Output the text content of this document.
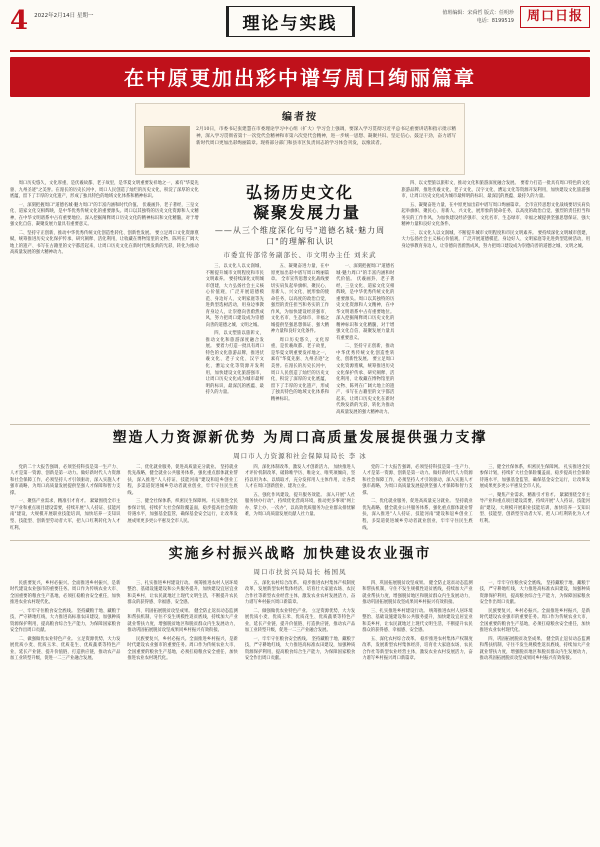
4 2022年2月14日 星期一	理论与实践
值班编辑：宋舜哲 版式：任明珍
电话：8199519	周口日报
在中原更加出彩中谱写周口绚丽篇章
编者按
2月10日，市委书记张建慧在市委理论学习中心组（扩大）学习会上强调，要深入学习贯彻习近平总书记重要讲话和指示批示精神，深入学习贯彻省第十一次党代会精神和市第六次党代会精神，进一步统一思想、凝聚共识、坚定信心、鼓足干劲，奋力谱写新时代周口更加出彩绚丽篇章。现将部分部门和县市区负责同志的学习体会刊发，以飨读者。

周口历史悠久，文化厚重，是伏羲故都、老子故里，是华夏文明重要发祥地之一，素有"华夏先驱、九州圣迹"之美誉。在漫长的历史长河中，周口人民创造了灿烂的历史文化，积淀了深厚的文化底蕴，留下了丰厚的文化遗产，形成了独具特色的地域文化体系和精神标识。

一、深刻把握周口"道德名城·魅力周口"的丰富内涵和时代价值。 伏羲画卦、老子著经，三皇文化、道家文化交相辉映，是中华优秀传统文化的重要源头。周口以其独特的历史文化资源和人文精神，在中华文明谱系中占有重要地位。深入挖掘阐释周口历史文化的精神标识和文化精髓，对于增强文化自信、凝聚发展力量具有重要意义。

二、坚持守正创新，推动中华优秀传统文化创造性转化、创新性发展。 要立足周口文化资源禀赋，统筹推进历史文化保护传承、研究阐释、活化利用，让收藏在博物馆里的文物、陈列在广阔大地上的遗产、书写在古籍里的文字都活起来，让周口历史文化在新时代焕发新的光彩，转化为推动高质量发展的强大精神动力。

弘扬历史文化
凝聚发展力量
——从三个维度深化句号"道德名城·魅力周口"的理解和认识
市委宣传部常务副部长、市文明办主任 刘来武

三、以文化人以文润城，不断提升城市文明程度和市民文明素养。 要持续深化文明城市创建，大力弘扬社会主义核心价值观，广泛开展道德模范、身边好人、文明家庭等先进典型选树活动，用身边事教育身边人，让崇德向善蔚然成风，努力把周口建设成为崇德向善的道德之城、文明之城。

四、以文塑旅以旅彰文，推动文化和旅游深度融合发展。 要着力打造一批具有周口特色的文化旅游品牌，推进伏羲文化、老子文化、汉字文化、漕运文化等资源开发利用，加快建设文化旅游强市，让周口历史文化成为城市最鲜明的标识、最深沉的底蕴、最持久的力量。

五、凝聚奋进力量，在中原更加出彩中谱写周口绚丽篇章。 全市宣传思想文化战线要切实肩负起举旗帜、聚民心、育新人、兴文化、展形象的使命任务，以高度的政治自觉、强烈的责任担当和务实的工作作风，为加快建设经济强市、文化名市、生态绿市、幸福之城提供坚强思想保证、强大精神力量和良好文化条件。

周口历史悠久，文化厚重，是伏羲故都、老子故里，是华夏文明重要发祥地之一，素有"华夏先驱、九州圣迹"之美誉。在漫长的历史长河中，周口人民创造了灿烂的历史文化，积淀了深厚的文化底蕴，留下了丰厚的文化遗产，形成了独具特色的地域文化体系和精神标识。

一、深刻把握周口"道德名城·魅力周口"的丰富内涵和时代价值。 伏羲画卦、老子著经，三皇文化、道家文化交相辉映，是中华优秀传统文化的重要源头。周口以其独特的历史文化资源和人文精神，在中华文明谱系中占有重要地位。深入挖掘阐释周口历史文化的精神标识和文化精髓，对于增强文化自信、凝聚发展力量具有重要意义。

二、坚持守正创新，推动中华优秀传统文化创造性转化、创新性发展。 要立足周口文化资源禀赋，统筹推进历史文化保护传承、研究阐释、活化利用，让收藏在博物馆里的文物、陈列在广阔大地上的遗产、书写在古籍里的文字都活起来，让周口历史文化在新时代焕发新的光彩，转化为推动高质量发展的强大精神动力。

四、以文塑旅以旅彰文，推动文化和旅游深度融合发展。 要着力打造一批具有周口特色的文化旅游品牌，推进伏羲文化、老子文化、汉字文化、漕运文化等资源开发利用，加快建设文化旅游强市，让周口历史文化成为城市最鲜明的标识、最深沉的底蕴、最持久的力量。

五、凝聚奋进力量，在中原更加出彩中谱写周口绚丽篇章。 全市宣传思想文化战线要切实肩负起举旗帜、聚民心、育新人、兴文化、展形象的使命任务，以高度的政治自觉、强烈的责任担当和务实的工作作风，为加快建设经济强市、文化名市、生态绿市、幸福之城提供坚强思想保证、强大精神力量和良好文化条件。

三、以文化人以文润城，不断提升城市文明程度和市民文明素养。 要持续深化文明城市创建，大力弘扬社会主义核心价值观，广泛开展道德模范、身边好人、文明家庭等先进典型选树活动，用身边事教育身边人，让崇德向善蔚然成风，努力把周口建设成为崇德向善的道德之城、文明之城。

塑造人力资源新优势 为周口高质量发展提供强力支撑
周口市人力资源和社会保障局局长 李 冰

党的二十大报告强调，必须坚持科技是第一生产力、人才是第一资源、创新是第一动力。做好新时代人力资源和社会保障工作，必须坚持人才引领驱动，深入实施人才强市战略，为周口高质量发展提供坚强人才保障和智力支撑。

一、聚焦产业需求，精准引才育才。 紧紧围绕全市主导产业和重点项目建设需要，持续开展"人人持证、技能河南"建设，大规模开展职业技能培训，加快培养一支知识型、技能型、创新型劳动者大军，把人口红利转化为人才红利。

二、优化就业服务，促进高质量充分就业。 坚持就业优先战略，健全就业公共服务体系，强化重点群体就业帮扶，深入推进"人人持证、技能河南"建设和返乡创业工程，多渠道促进城乡劳动者就业创业，牢牢守住民生底线。

三、健全社保体系，织密民生保障网。 扎实推进全民参保计划，持续扩大社会保险覆盖面，稳步提高社会保险待遇水平，加强基金监管，确保基金安全运行，让改革发展成果更多更公平惠及全市人民。

四、深化体制改革，激发人才创新活力。 加快推进人才评价机制改革，破除唯学历、唯论文、唯奖项倾向，坚持以用为本、以绩取才，充分发挥用人主体作用，让各类人才在周口创新创业、建功立业。

五、强化作风建设，提升服务效能。 深入开展"人社服务快办行动"，持续优化营商环境，推动更多事项"网上办、掌上办、一次办"，以高效优质服务为企业群众排忧解难，为周口高质量发展贡献人社力量。

党的二十大报告强调，必须坚持科技是第一生产力、人才是第一资源、创新是第一动力。做好新时代人力资源和社会保障工作，必须坚持人才引领驱动，深入实施人才强市战略，为周口高质量发展提供坚强人才保障和智力支撑。

二、优化就业服务，促进高质量充分就业。 坚持就业优先战略，健全就业公共服务体系，强化重点群体就业帮扶，深入推进"人人持证、技能河南"建设和返乡创业工程，多渠道促进城乡劳动者就业创业，牢牢守住民生底线。

三、健全社保体系，织密民生保障网。 扎实推进全民参保计划，持续扩大社会保险覆盖面，稳步提高社会保险待遇水平，加强基金监管，确保基金安全运行，让改革发展成果更多更公平惠及全市人民。

一、聚焦产业需求，精准引才育才。 紧紧围绕全市主导产业和重点项目建设需要，持续开展"人人持证、技能河南"建设，大规模开展职业技能培训，加快培养一支知识型、技能型、创新型劳动者大军，把人口红利转化为人才红利。

实施乡村振兴战略 加快建设农业强市
周口市扶贫兴局局长 杨国凤

民族要复兴，乡村必振兴。全面推进乡村振兴，是新时代建设农业强市的重要任务。周口作为传统农业大市、全国重要的粮食生产基地，必须扛稳粮食安全重任，加快推进农业农村现代化。

一、牢牢守住粮食安全底线。 坚持藏粮于地、藏粮于技，严守耕地红线，大力推进高标准农田建设，加强种质资源保护利用，提高粮食综合生产能力，为保障国家粮食安全作出周口贡献。

二、做强做优农业特色产业。 立足资源优势，大力发展优质小麦、优质玉米、优质花生、优质蔬菜等特色产业，延长产业链、提升价值链、打造供应链，推动农产品加工业转型升级，促进一二三产业融合发展。

三、扎实推进乡村建设行动。 统筹推进农村人居环境整治、基础设施建设和公共服务提升，加快建设宜居宜业和美乡村，让农民就地过上现代文明生活，不断提升农民群众的获得感、幸福感、安全感。

四、巩固拓展脱贫攻坚成果。 健全防止返贫动态监测和帮扶机制，守住不发生规模性返贫底线，持续加大产业就业帮扶力度，增强脱贫地区和脱贫群众内生发展动力，推动巩固拓展脱贫攻坚成果同乡村振兴有效衔接。

民族要复兴，乡村必振兴。全面推进乡村振兴，是新时代建设农业强市的重要任务。周口作为传统农业大市、全国重要的粮食生产基地，必须扛稳粮食安全重任，加快推进农业农村现代化。

五、深化农村综合改革。 稳步推进农村集体产权制度改革，发展新型农村集体经济，培育壮大家庭农场、农民合作社等新型农业经营主体，激发农业农村发展活力，奋力谱写乡村振兴周口新篇章。

二、做强做优农业特色产业。 立足资源优势，大力发展优质小麦、优质玉米、优质花生、优质蔬菜等特色产业，延长产业链、提升价值链、打造供应链，推动农产品加工业转型升级，促进一二三产业融合发展。

一、牢牢守住粮食安全底线。 坚持藏粮于地、藏粮于技，严守耕地红线，大力推进高标准农田建设，加强种质资源保护利用，提高粮食综合生产能力，为保障国家粮食安全作出周口贡献。

四、巩固拓展脱贫攻坚成果。 健全防止返贫动态监测和帮扶机制，守住不发生规模性返贫底线，持续加大产业就业帮扶力度，增强脱贫地区和脱贫群众内生发展动力，推动巩固拓展脱贫攻坚成果同乡村振兴有效衔接。

三、扎实推进乡村建设行动。 统筹推进农村人居环境整治、基础设施建设和公共服务提升，加快建设宜居宜业和美乡村，让农民就地过上现代文明生活，不断提升农民群众的获得感、幸福感、安全感。

五、深化农村综合改革。 稳步推进农村集体产权制度改革，发展新型农村集体经济，培育壮大家庭农场、农民合作社等新型农业经营主体，激发农业农村发展活力，奋力谱写乡村振兴周口新篇章。

一、牢牢守住粮食安全底线。 坚持藏粮于地、藏粮于技，严守耕地红线，大力推进高标准农田建设，加强种质资源保护利用，提高粮食综合生产能力，为保障国家粮食安全作出周口贡献。

民族要复兴，乡村必振兴。全面推进乡村振兴，是新时代建设农业强市的重要任务。周口作为传统农业大市、全国重要的粮食生产基地，必须扛稳粮食安全重任，加快推进农业农村现代化。

四、巩固拓展脱贫攻坚成果。 健全防止返贫动态监测和帮扶机制，守住不发生规模性返贫底线，持续加大产业就业帮扶力度，增强脱贫地区和脱贫群众内生发展动力，推动巩固拓展脱贫攻坚成果同乡村振兴有效衔接。
